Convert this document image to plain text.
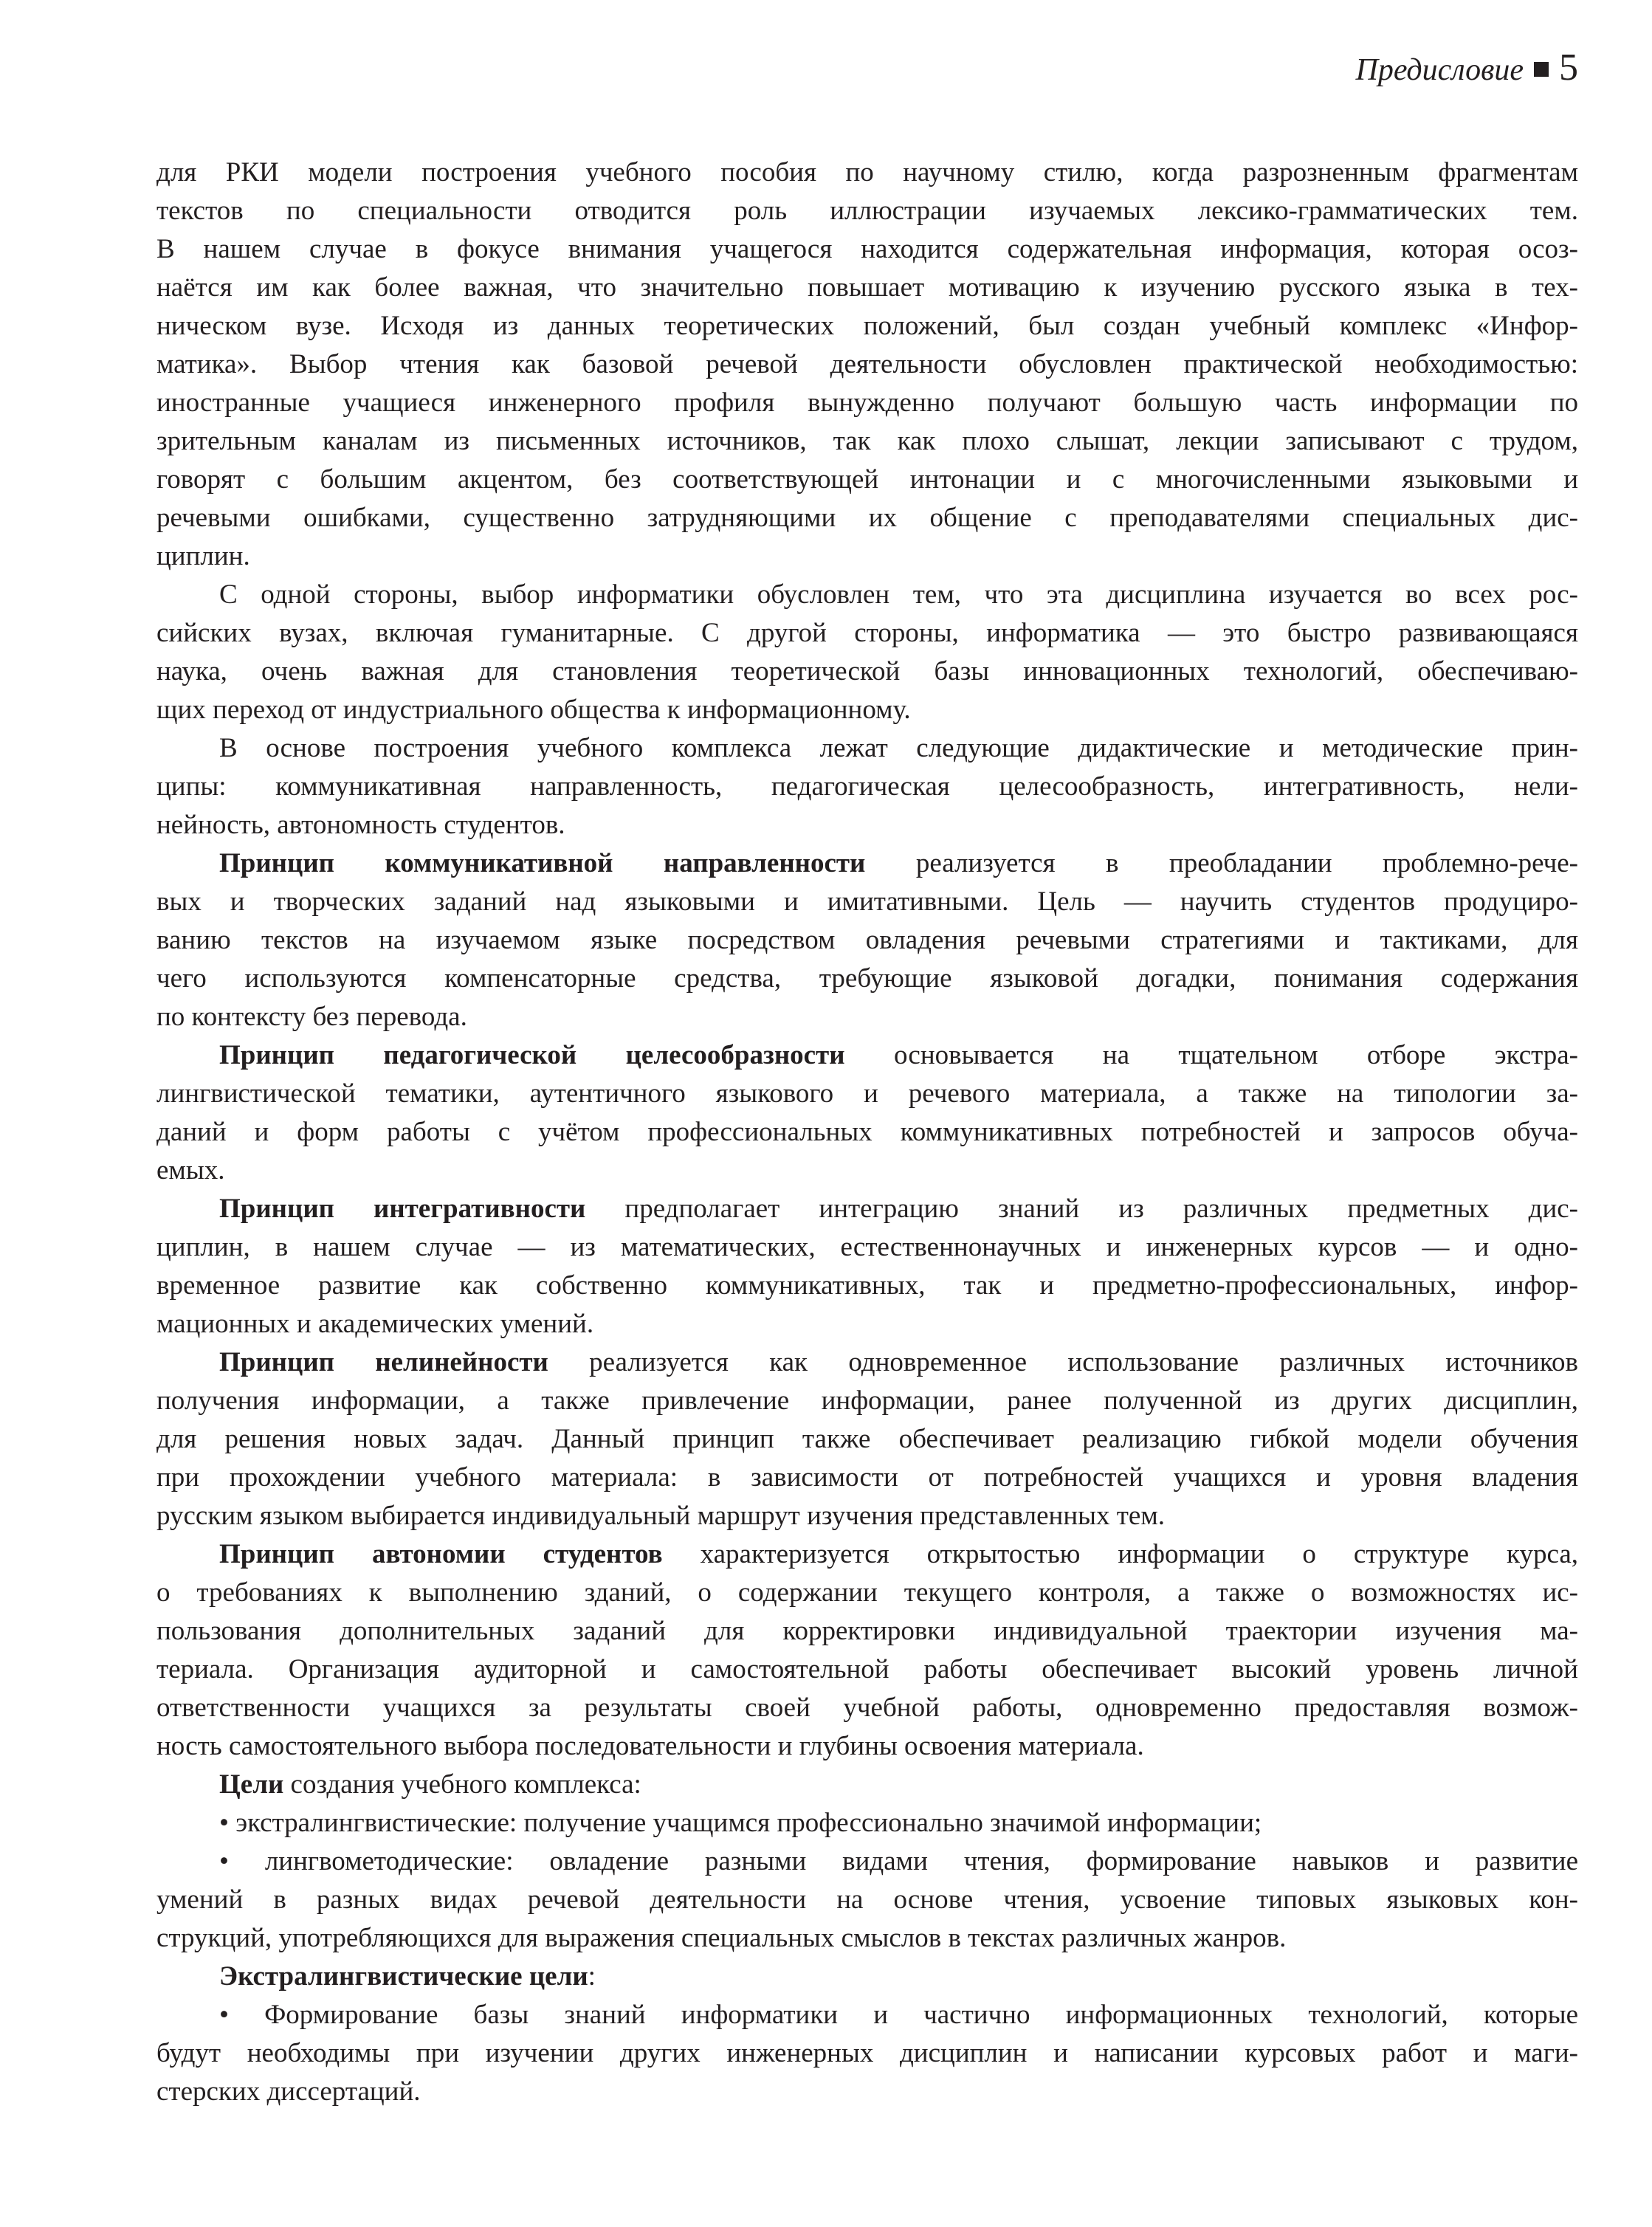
Предисловие 5
для РКИ модели построения учебного пособия по научному стилю, когда разрозненным фрагментам
текстов по специальности отводится роль иллюстрации изучаемых лексико-грамматических тем.
В нашем случае в фокусе внимания учащегося находится содержательная информация, которая осоз-
наётся им как более важная, что значительно повышает мотивацию к изучению русского языка в тех-
ническом вузе. Исходя из данных теоретических положений, был создан учебный комплекс «Инфор-
матика». Выбор чтения как базовой речевой деятельности обусловлен практической необходимостью:
иностранные учащиеся инженерного профиля вынужденно получают большую часть информации по
зрительным каналам из письменных источников, так как плохо слышат, лекции записывают с трудом,
говорят с большим акцентом, без соответствующей интонации и с многочисленными языковыми и
речевыми ошибками, существенно затрудняющими их общение с преподавателями специальных дис-
циплин.
С одной стороны, выбор информатики обусловлен тем, что эта дисциплина изучается во всех рос-
сийских вузах, включая гуманитарные. С другой стороны, информатика — это быстро развивающаяся
наука, очень важная для становления теоретической базы инновационных технологий, обеспечиваю-
щих переход от индустриального общества к информационному.
В основе построения учебного комплекса лежат следующие дидактические и методические прин-
ципы: коммуникативная направленность, педагогическая целесообразность, интегративность, нели-
нейность, автономность студентов.
Принцип коммуникативной направленности реализуется в преобладании проблемно-рече-
вых и творческих заданий над языковыми и имитативными. Цель — научить студентов продуциро-
ванию текстов на изучаемом языке посредством овладения речевыми стратегиями и тактиками, для
чего используются компенсаторные средства, требующие языковой догадки, понимания содержания
по контексту без перевода.
Принцип педагогической целесообразности основывается на тщательном отборе экстра-
лингвистической тематики, аутентичного языкового и речевого материала, а также на типологии за-
даний и форм работы с учётом профессиональных коммуникативных потребностей и запросов обуча-
емых.
Принцип интегративности предполагает интеграцию знаний из различных предметных дис-
циплин, в нашем случае — из математических, естественнонаучных и инженерных курсов — и одно-
временное развитие как собственно коммуникативных, так и предметно-профессиональных, инфор-
мационных и академических умений.
Принцип нелинейности реализуется как одновременное использование различных источников
получения информации, а также привлечение информации, ранее полученной из других дисциплин,
для решения новых задач. Данный принцип также обеспечивает реализацию гибкой модели обучения
при прохождении учебного материала: в зависимости от потребностей учащихся и уровня владения
русским языком выбирается индивидуальный маршрут изучения представленных тем.
Принцип автономии студентов характеризуется открытостью информации о структуре курса,
о требованиях к выполнению зданий, о содержании текущего контроля, а также о возможностях ис-
пользования дополнительных заданий для корректировки индивидуальной траектории изучения ма-
териала. Организация аудиторной и самостоятельной работы обеспечивает высокий уровень личной
ответственности учащихся за результаты своей учебной работы, одновременно предоставляя возмож-
ность самостоятельного выбора последовательности и глубины освоения материала.
Цели создания учебного комплекса:
• экстралингвистические: получение учащимся профессионально значимой информации;
• лингвометодические: овладение разными видами чтения, формирование навыков и развитие
умений в разных видах речевой деятельности на основе чтения, усвоение типовых языковых кон-
струкций, употребляющихся для выражения специальных смыслов в текстах различных жанров.
Экстралингвистические цели:
• Формирование базы знаний информатики и частично информационных технологий, которые
будут необходимы при изучении других инженерных дисциплин и написании курсовых работ и маги-
стерских диссертаций.
